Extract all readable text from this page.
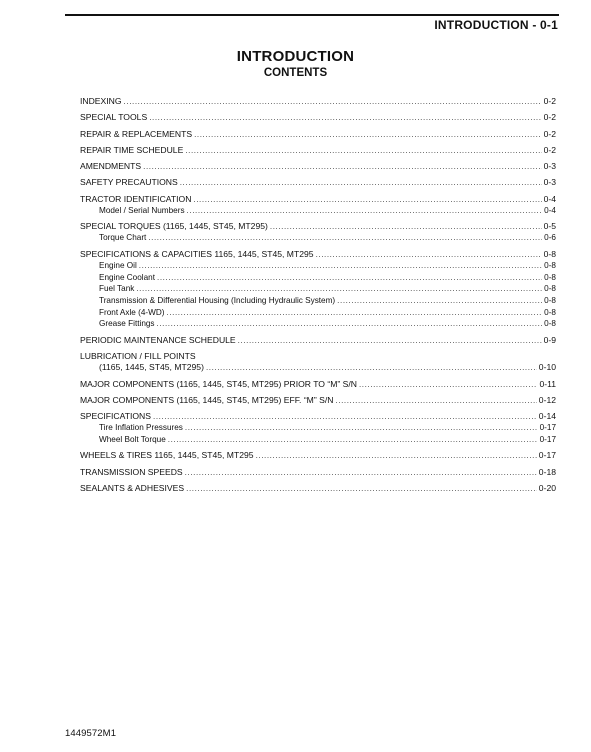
INTRODUCTION - 0-1
INTRODUCTION
CONTENTS
INDEXING .....	0-2
SPECIAL TOOLS .....	0-2
REPAIR & REPLACEMENTS .....	0-2
REPAIR TIME SCHEDULE .....	0-2
AMENDMENTS .....	0-3
SAFETY PRECAUTIONS .....	0-3
TRACTOR IDENTIFICATION .....	0-4
Model / Serial Numbers .....	0-4
SPECIAL TORQUES (1165, 1445, ST45, MT295) .....	0-5
Torque Chart .....	0-6
SPECIFICATIONS & CAPACITIES 1165, 1445, ST45, MT295 .....	0-8
Engine Oil .....	0-8
Engine Coolant .....	0-8
Fuel Tank .....	0-8
Transmission & Differential Housing (Including Hydraulic System) .....	0-8
Front Axle (4-WD) .....	0-8
Grease Fittings .....	0-8
PERIODIC MAINTENANCE SCHEDULE .....	0-9
LUBRICATION / FILL POINTS
(1165, 1445, ST45, MT295) .....	0-10
MAJOR COMPONENTS (1165, 1445, ST45, MT295) PRIOR TO “M” S/N .....	0-11
MAJOR COMPONENTS (1165, 1445, ST45, MT295) EFF. “M” S/N .....	0-12
SPECIFICATIONS .....	0-14
Tire Inflation Pressures .....	0-17
Wheel Bolt Torque .....	0-17
WHEELS & TIRES 1165, 1445, ST45, MT295 .....	0-17
TRANSMISSION SPEEDS .....	0-18
SEALANTS & ADHESIVES .....	0-20
1449572M1
